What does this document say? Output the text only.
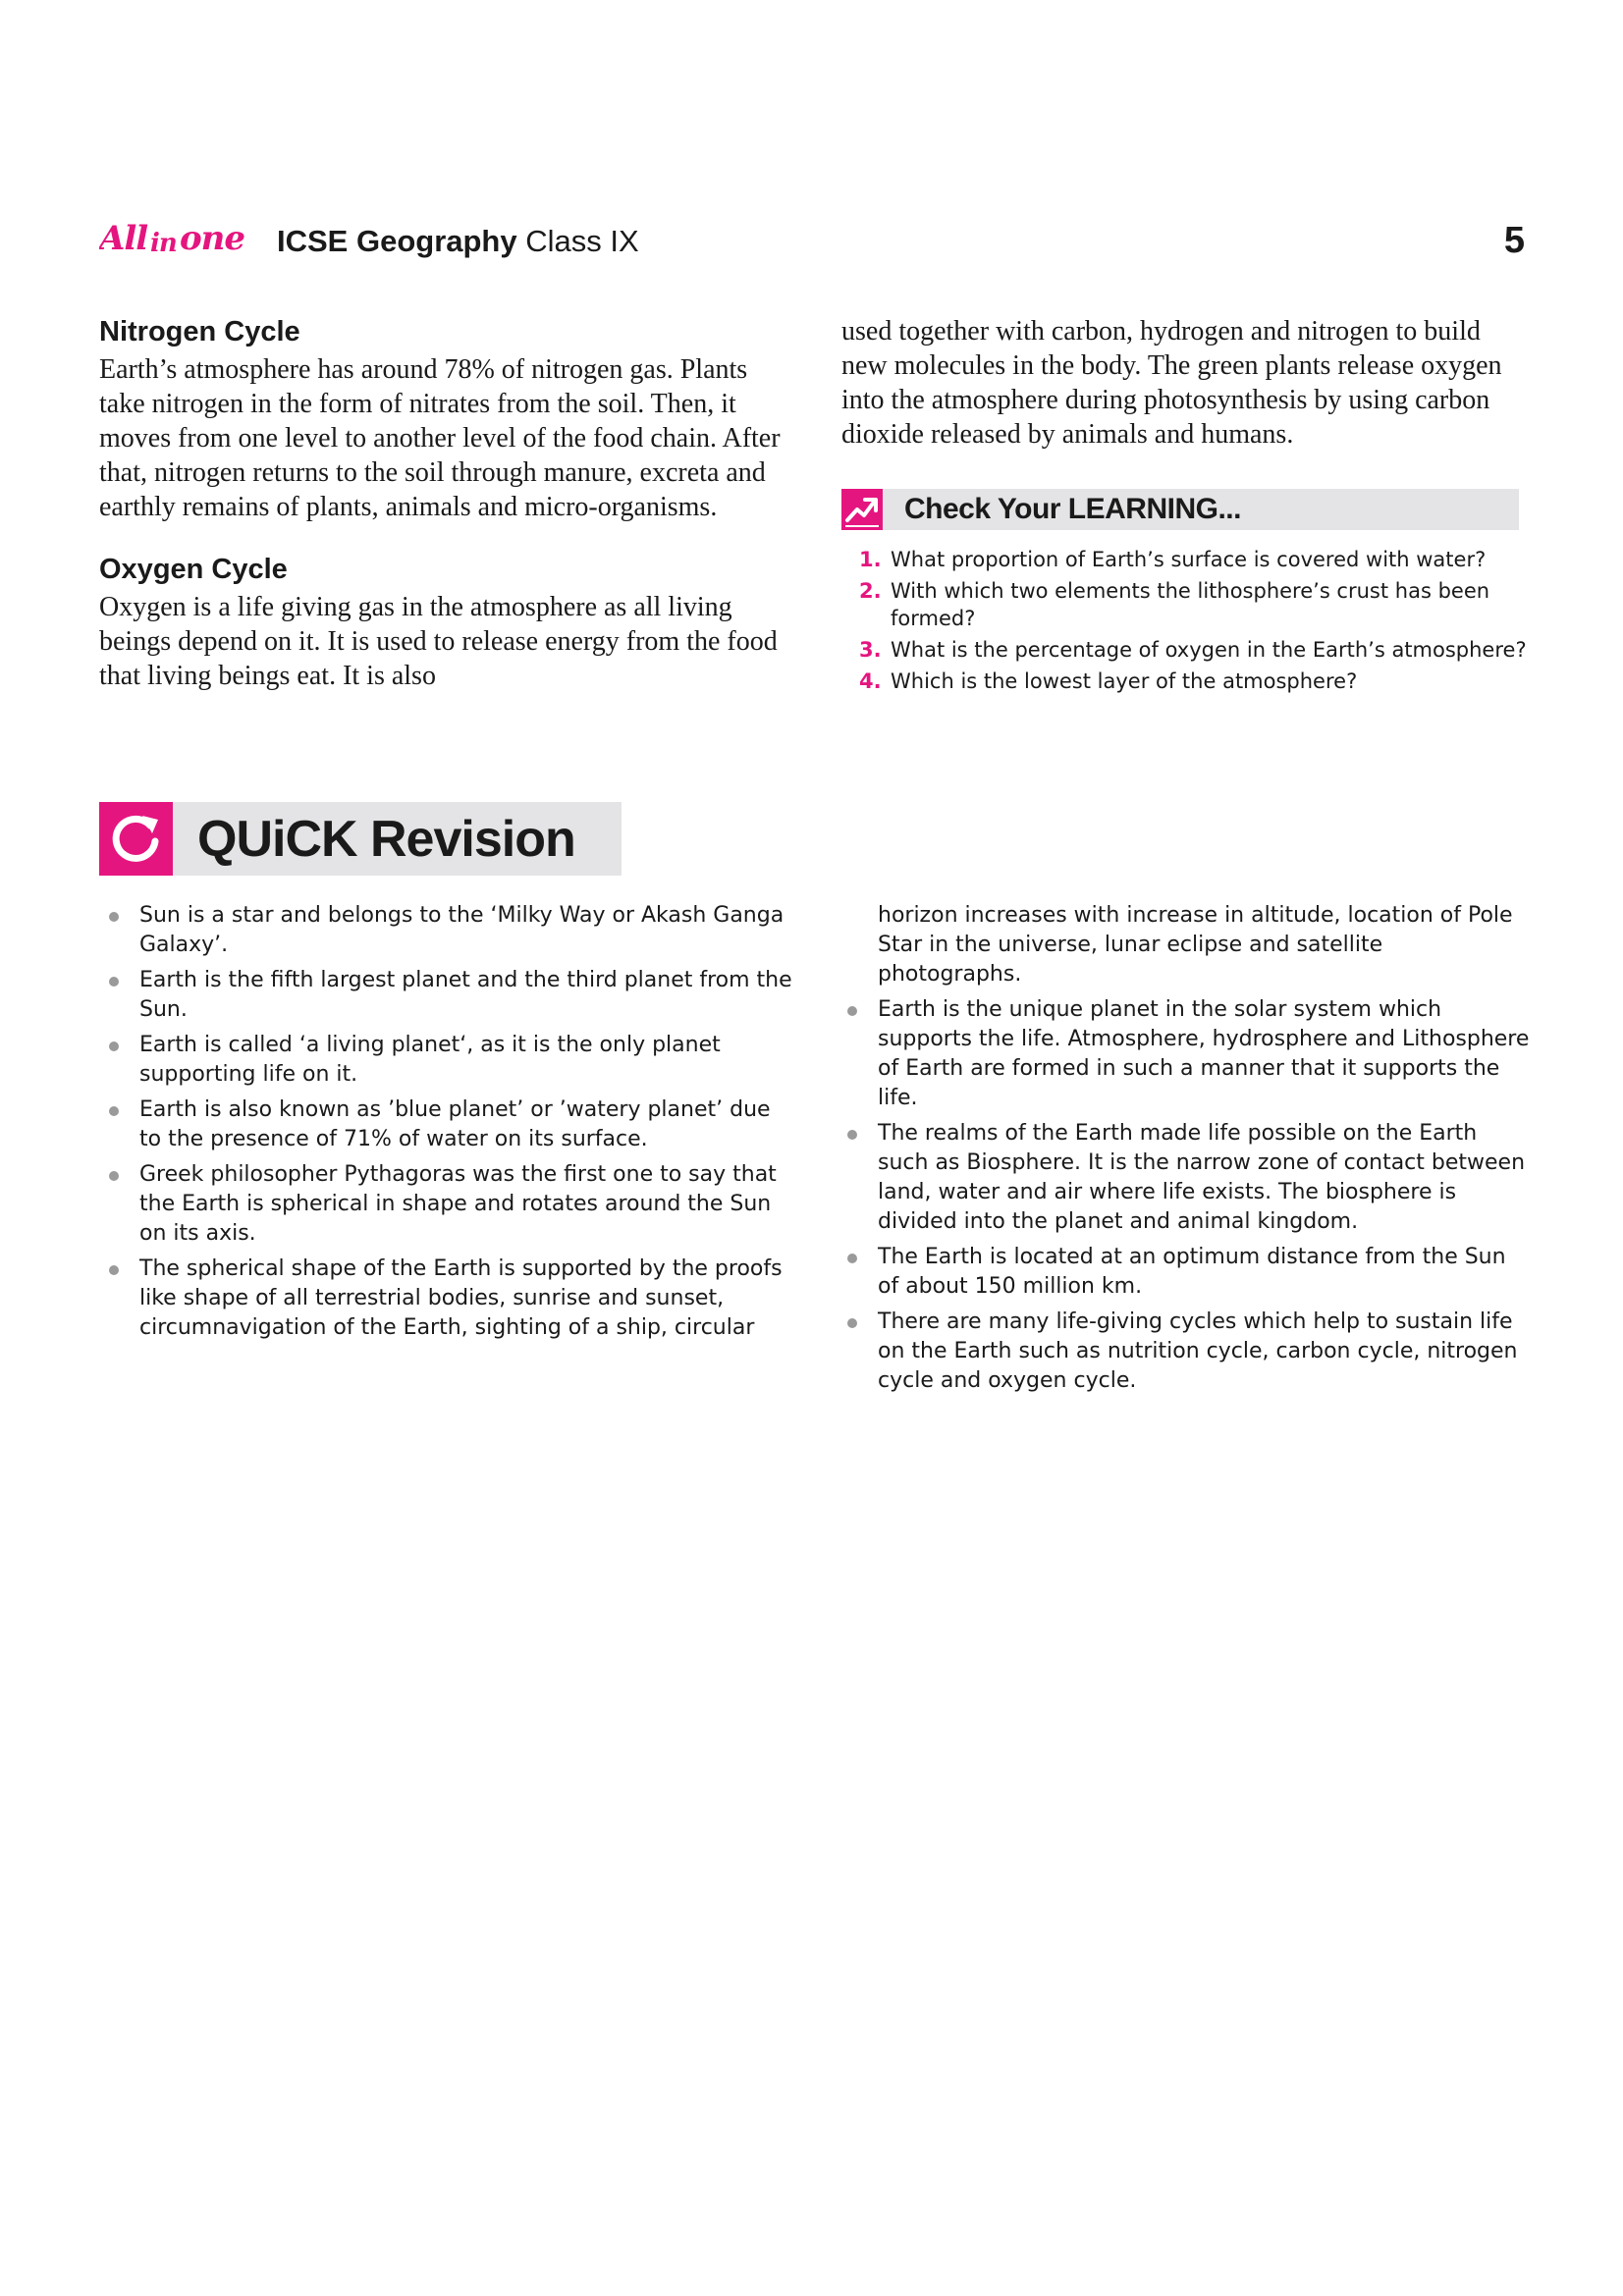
All in one ICSE Geography Class IX	5
Nitrogen Cycle

Earth’s atmosphere has around 78% of nitrogen gas. Plants take nitrogen in the form of nitrates from the soil. Then, it moves from one level to another level of the food chain. After that, nitrogen returns to the soil through manure, excreta and earthly remains of plants, animals and micro-organisms.

Oxygen Cycle

Oxygen is a life giving gas in the atmosphere as all living beings depend on it. It is used to release energy from the food that living beings eat. It is also

used together with carbon, hydrogen and nitrogen to build new molecules in the body. The green plants release oxygen into the atmosphere during photosynthesis by using carbon dioxide released by animals and humans.

Check Your LEARNING...
1. What proportion of Earth’s surface is covered with water?
2. With which two elements the lithosphere’s crust has been formed?
3. What is the percentage of oxygen in the Earth’s atmosphere?
4. Which is the lowest layer of the atmosphere?
QUiCK Revision
Sun is a star and belongs to the ‘Milky Way or Akash Ganga Galaxy’.
Earth is the fifth largest planet and the third planet from the Sun.
Earth is called ‘a living planet‘, as it is the only planet supporting life on it.
Earth is also known as ’blue planet’ or ’watery planet’ due to the presence of 71% of water on its surface.
Greek philosopher Pythagoras was the first one to say that the Earth is spherical in shape and rotates around the Sun on its axis.
The spherical shape of the Earth is supported by the proofs like shape of all terrestrial bodies, sunrise and sunset, circumnavigation of the Earth, sighting of a ship, circular
horizon increases with increase in altitude, location of Pole Star in the universe, lunar eclipse and satellite photographs.
Earth is the unique planet in the solar system which supports the life. Atmosphere, hydrosphere and Lithosphere of Earth are formed in such a manner that it supports the life.
The realms of the Earth made life possible on the Earth such as Biosphere. It is the narrow zone of contact between land, water and air where life exists. The biosphere is divided into the planet and animal kingdom.
The Earth is located at an optimum distance from the Sun of about 150 million km.
There are many life-giving cycles which help to sustain life on the Earth such as nutrition cycle, carbon cycle, nitrogen cycle and oxygen cycle.
